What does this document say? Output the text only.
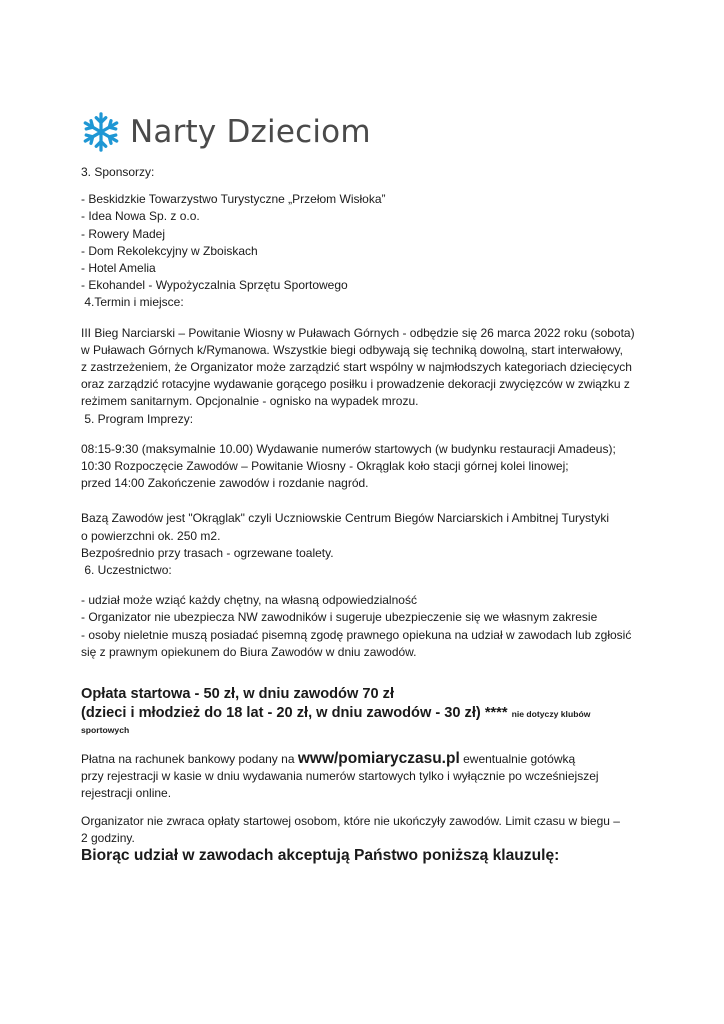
Narty Dzieciom

3. Sponsorzy:

- Beskidzkie Towarzystwo Turystyczne „Przełom Wisłoka”

- Idea Nowa Sp. z o.o.

- Rowery Madej

- Dom Rekolekcyjny w Zboiskach

- Hotel Amelia

- Ekohandel - Wypożyczalnia Sprzętu Sportowego

4.Termin i miejsce:

III Bieg Narciarski – Powitanie Wiosny w Puławach Górnych - odbędzie się 26 marca 2022 roku (sobota)

w Puławach Górnych k/Rymanowa. Wszystkie biegi odbywają się techniką dowolną, start interwałowy,

z zastrzeżeniem, że Organizator może zarządzić start wspólny w najmłodszych kategoriach dziecięcych

oraz zarządzić rotacyjne wydawanie gorącego posiłku i prowadzenie dekoracji zwycięzców w związku z

reżimem sanitarnym. Opcjonalnie - ognisko na wypadek mrozu.

5. Program Imprezy:

08:15-9:30 (maksymalnie 10.00) Wydawanie numerów startowych (w budynku restauracji Amadeus);

10:30 Rozpoczęcie Zawodów – Powitanie Wiosny - Okrąglak koło stacji górnej kolei linowej;

przed 14:00 Zakończenie zawodów i rozdanie nagród.

Bazą Zawodów jest "Okrąglak" czyli Uczniowskie Centrum Biegów Narciarskich i Ambitnej Turystyki

o powierzchni ok. 250 m2.

Bezpośrednio przy trasach - ogrzewane toalety.

6. Uczestnictwo:

- udział może wziąć każdy chętny, na własną odpowiedzialność

- Organizator nie ubezpiecza NW zawodników i sugeruje ubezpieczenie się we własnym zakresie

- osoby nieletnie muszą posiadać pisemną zgodę prawnego opiekuna na udział w zawodach lub zgłosić

się z prawnym opiekunem do Biura Zawodów w dniu zawodów.

Opłata startowa - 50 zł, w dniu zawodów 70 zł

(dzieci i młodzież do 18 lat - 20 zł, w dniu zawodów - 30 zł) **** nie dotyczy klubów

sportowych

Płatna na rachunek bankowy podany na www/pomiaryczasu.pl ewentualnie gotówką

przy rejestracji w kasie w dniu wydawania numerów startowych tylko i wyłącznie po wcześniejszej

rejestracji online.

Organizator nie zwraca opłaty startowej osobom, które nie ukończyły zawodów. Limit czasu w biegu –

2 godziny.

Biorąc udział w zawodach akceptują Państwo poniższą klauzulę:
